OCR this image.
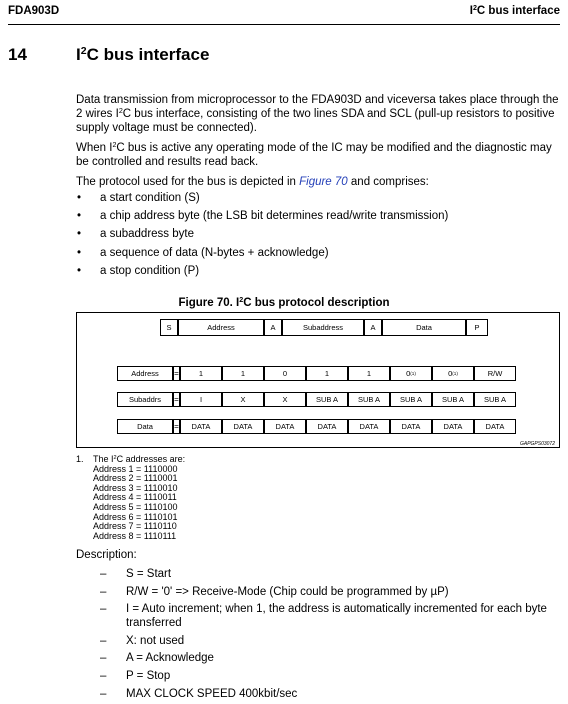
FDA903D	$I^2C$ bus interface
14	$I^2C$ bus interface

Data transmission from microprocessor to the FDA903D and viceversa takes place through the 2 wires $I^2C$ bus interface, consisting of the two lines SDA and SCL (pull-up resistors to positive supply voltage must be connected).

When $I^2C$ bus is active any operating mode of the IC may be modified and the diagnostic may be controlled and results read back.

The protocol used for the bus is depicted in Figure 70 and comprises:

• a start condition (S)
• a chip address byte (the LSB bit determines read/write transmission)
• a subaddress byte
• a sequence of data (N-bytes + acknowledge)
• a stop condition (P)
Figure 70. $I^2C$ bus protocol description
S	Address	A	Subaddress	A	Data	P
Address	=	1	1	0	1	1	0 (1)	0 (1)	R/W
Subaddrs	=	I	X	X	SUB A	SUB A	SUB A	SUB A	SUB A
Data	=	DATA	DATA	DATA	DATA	DATA	DATA	DATA	DATA
GAPGPS03072
1.	The $I^2C$ addresses are:
Address 1 = 1110000
Address 2 = 1110001
Address 3 = 1110010
Address 4 = 1110011
Address 5 = 1110100
Address 6 = 1110101
Address 7 = 1110110
Address 8 = 1110111
Description:
– S = Start
– R/W = '0' => Receive-Mode (Chip could be programmed by µP)
– I = Auto increment; when 1, the address is automatically incremented for each byte transferred
– X: not used
– A = Acknowledge
– P = Stop
– MAX CLOCK SPEED 400kbit/sec
